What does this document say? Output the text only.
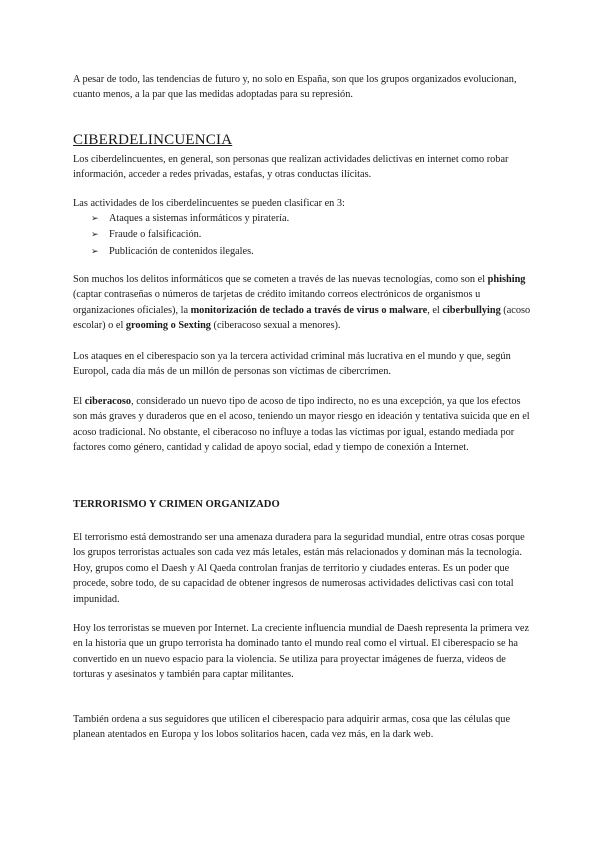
A pesar de todo, las tendencias de futuro y, no solo en España, son que los grupos organizados evolucionan, cuanto menos, a la par que las medidas adoptadas para su represión.

CIBERDELINCUENCIA

Los ciberdelincuentes, en general, son personas que realizan actividades delictivas en internet como robar información, acceder a redes privadas, estafas, y otras conductas ilícitas.

Las actividades de los ciberdelincuentes se pueden clasificar en 3:

➢ Ataques a sistemas informáticos y piratería.
➢ Fraude o falsificación.
➢ Publicación de contenidos ilegales.

Son muchos los delitos informáticos que se cometen a través de las nuevas tecnologías, como son el phishing (captar contraseñas o números de tarjetas de crédito imitando correos electrónicos de organismos u organizaciones oficiales), la monitorización de teclado a través de virus o malware, el ciberbullying (acoso escolar) o el grooming o Sexting (ciberacoso sexual a menores).

Los ataques en el ciberespacio son ya la tercera actividad criminal más lucrativa en el mundo y que, según Europol, cada día más de un millón de personas son víctimas de cibercrimen.

El ciberacoso, considerado un nuevo tipo de acoso de tipo indirecto, no es una excepción, ya que los efectos son más graves y duraderos que en el acoso, teniendo un mayor riesgo en ideación y tentativa suicida que en el acoso tradicional. No obstante, el ciberacoso no influye a todas las víctimas por igual, estando mediada por factores como género, cantidad y calidad de apoyo social, edad y tiempo de conexión a Internet.

TERRORISMO Y CRIMEN ORGANIZADO

El terrorismo está demostrando ser una amenaza duradera para la seguridad mundial, entre otras cosas porque los grupos terroristas actuales son cada vez más letales, están más relacionados y dominan más la tecnología. Hoy, grupos como el Daesh y Al Qaeda controlan franjas de territorio y ciudades enteras. Es un poder que procede, sobre todo, de su capacidad de obtener ingresos de numerosas actividades delictivas casi con total impunidad.

Hoy los terroristas se mueven por Internet. La creciente influencia mundial de Daesh representa la primera vez en la historia que un grupo terrorista ha dominado tanto el mundo real como el virtual. El ciberespacio se ha convertido en un nuevo espacio para la violencia. Se utiliza para proyectar imágenes de fuerza, videos de torturas y asesinatos y también para captar militantes.

También ordena a sus seguidores que utilicen el ciberespacio para adquirir armas, cosa que las células que planean atentados en Europa y los lobos solitarios hacen, cada vez más, en la dark web.
